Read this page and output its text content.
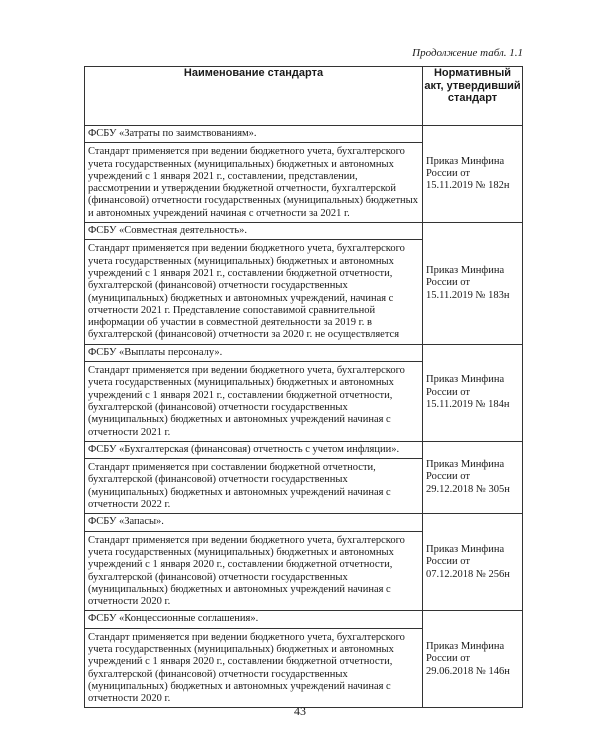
Продолжение табл. 1.1
Наименование стандарта	Нормативный акт, утвердивший стандарт

ФСБУ «Затраты по заимствованиям».
Стандарт применяется при ведении бюджетного учета, бухгалтерского учета государственных (муниципальных) бюджетных и автономных учреждений с 1 января 2021 г., составлении, представлении, рассмотрении и утверждении бюджетной отчетности, бухгалтерской (финансовой) отчетности государственных (муниципальных) бюджетных и автономных учреждений начиная с отчетности за 2021 г.	Приказ Минфина России от 15.11.2019 № 182н

ФСБУ «Совместная деятельность».
Стандарт применяется при ведении бюджетного учета, бухгалтерского учета государственных (муниципальных) бюджетных и автономных учреждений с 1 января 2021 г., составлении бюджетной отчетности, бухгалтерской (финансовой) отчетности государственных (муниципальных) бюджетных и автономных учреждений, начиная с отчетности 2021 г. Представление сопоставимой сравнительной информации об участии в совместной деятельности за 2019 г. в бухгалтерской (финансовой) отчетности за 2020 г. не осуществляется	Приказ Минфина России от 15.11.2019 № 183н

ФСБУ «Выплаты персоналу».
Стандарт применяется при ведении бюджетного учета, бухгалтерского учета государственных (муниципальных) бюджетных и автономных учреждений с 1 января 2021 г., составлении бюджетной отчетности, бухгалтерской (финансовой) отчетности государственных (муниципальных) бюджетных и автономных учреждений начиная с отчетности 2021 г.	Приказ Минфина России от 15.11.2019 № 184н

ФСБУ «Бухгалтерская (финансовая) отчетность с учетом инфляции».
Стандарт применяется при составлении бюджетной отчетности, бухгалтерской (финансовой) отчетности государственных (муниципальных) бюджетных и автономных учреждений начиная с отчетности 2022 г.	Приказ Минфина России от 29.12.2018 № 305н

ФСБУ «Запасы».
Стандарт применяется при ведении бюджетного учета, бухгалтерского учета государственных (муниципальных) бюджетных и автономных учреждений с 1 января 2020 г., составлении бюджетной отчетности, бухгалтерской (финансовой) отчетности государственных (муниципальных) бюджетных и автономных учреждений начиная с отчетности 2020 г.	Приказ Минфина России от 07.12.2018 № 256н

ФСБУ «Концессионные соглашения».
Стандарт применяется при ведении бюджетного учета, бухгалтерского учета государственных (муниципальных) бюджетных и автономных учреждений с 1 января 2020 г., составлении бюджетной отчетности, бухгалтерской (финансовой) отчетности государственных (муниципальных) бюджетных и автономных учреждений начиная с отчетности 2020 г.	Приказ Минфина России от 29.06.2018 № 146н
43
